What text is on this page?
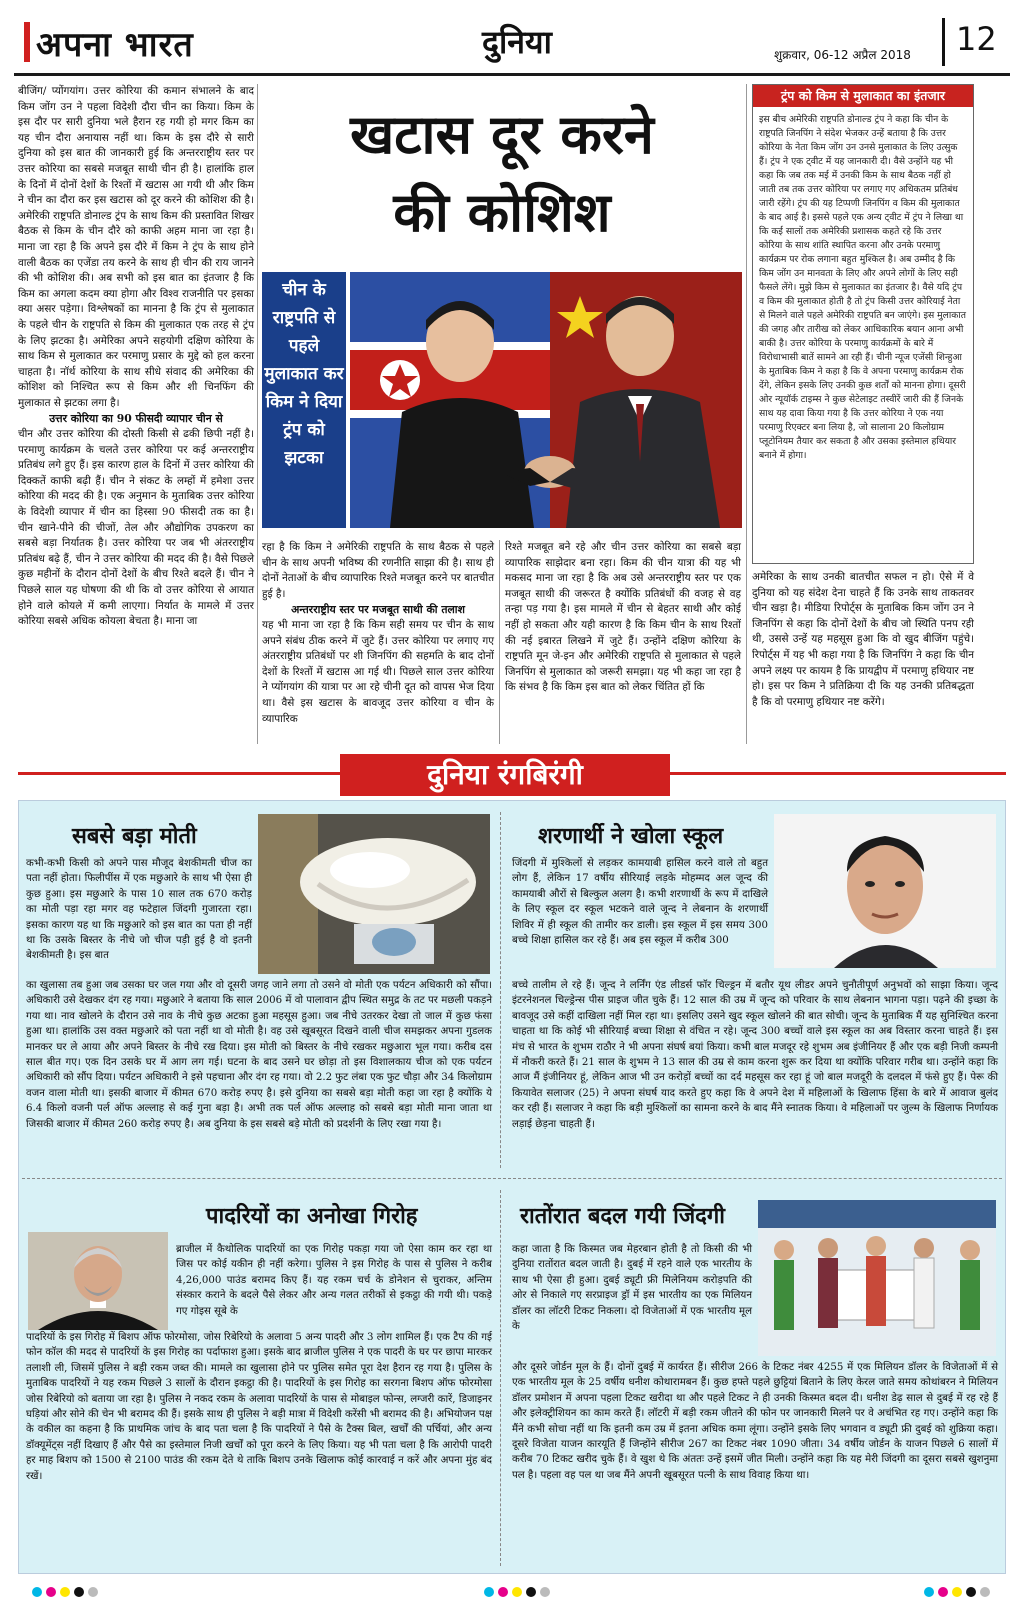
अपना भारत	दुनिया	शुक्रवार, 06-12 अप्रैल 2018 12

बीजिंग/ प्योंगयांग। उत्तर कोरिया की कमान संभालने के बाद किम जोंग उन ने पहला विदेशी दौरा चीन का किया। किम के इस दौर पर सारी दुनिया भले हैरान रह गयी हो मगर किम का यह चीन दौरा अनायास नहीं था। किम के इस दौरे से सारी दुनिया को इस बात की जानकारी हुई कि अन्तरराष्ट्रीय स्तर पर उत्तर कोरिया का सबसे मजबूत साथी चीन ही है। हालांकि हाल के दिनों में दोनों देशों के रिश्तों में खटास आ गयी थी और किम ने चीन का दौरा कर इस खटास को दूर करने की कोशिश की है। अमेरिकी राष्ट्रपति डोनाल्ड ट्रंप के साथ किम की प्रस्तावित शिखर बैठक से किम के चीन दौरे को काफी अहम माना जा रहा है। माना जा रहा है कि अपने इस दौरे में किम ने ट्रंप के साथ होने वाली बैठक का एजेंडा तय करने के साथ ही चीन की राय जानने की भी कोशिश की। अब सभी को इस बात का इंतजार है कि किम का अगला कदम क्या होगा और विश्व राजनीति पर इसका क्या असर पड़ेगा। विश्लेषकों का मानना है कि ट्रंप से मुलाकात के पहले चीन के राष्ट्रपति से किम की मुलाकात एक तरह से ट्रंप के लिए झटका है। अमेरिका अपने सहयोगी दक्षिण कोरिया के साथ किम से मुलाकात कर परमाणु प्रसार के मुद्दे को हल करना चाहता है। नॉर्थ कोरिया के साथ सीधे संवाद की अमेरिका की कोशिश को निश्चित रूप से किम और शी चिनफिंग की मुलाकात से झटका लगा है।

उत्तर कोरिया का 90 फीसदी व्यापार चीन से

चीन और उत्तर कोरिया की दोस्ती किसी से ढकी छिपी नहीं है। परमाणु कार्यक्रम के चलते उत्तर कोरिया पर कई अन्तरराष्ट्रीय प्रतिबंध लगे हुए हैं। इस कारण हाल के दिनों में उत्तर कोरिया की दिक्कतें काफी बढ़ी हैं। चीन ने संकट के लम्हों में हमेशा उत्तर कोरिया की मदद की है। एक अनुमान के मुताबिक उत्तर कोरिया के विदेशी व्यापार में चीन का हिस्सा 90 फीसदी तक का है। चीन खाने-पीने की चीजों, तेल और औद्योगिक उपकरण का सबसे बड़ा निर्यातक है। उत्तर कोरिया पर जब भी अंतरराष्ट्रीय प्रतिबंध बढ़े हैं, चीन ने उत्तर कोरिया की मदद की है। वैसे पिछले कुछ महीनों के दौरान दोनों देशों के बीच रिश्ते बदले हैं। चीन ने पिछले साल यह घोषणा की थी कि वो उत्तर कोरिया से आयात होने वाले कोयले में कमी लाएगा। निर्यात के मामले में उत्तर कोरिया सबसे अधिक कोयला बेचता है। माना जा

खटास दूर करने
की कोशिश
चीन के राष्ट्रपति से पहले मुलाकात कर किम ने दिया ट्रंप को झटका

रहा है कि किम ने अमेरिकी राष्ट्रपति के साथ बैठक से पहले चीन के साथ अपनी भविष्य की रणनीति साझा की है। साथ ही दोनों नेताओं के बीच व्यापारिक रिश्ते मजबूत करने पर बातचीत हुई है।

अन्तरराष्ट्रीय स्तर पर मजबूत साथी की तलाश

यह भी माना जा रहा है कि किम सही समय पर चीन के साथ अपने संबंध ठीक करने में जुटे हैं। उत्तर कोरिया पर लगाए गए अंतरराष्ट्रीय प्रतिबंधों पर शी जिनपिंग की सहमति के बाद दोनों देशों के रिश्तों में खटास आ गई थी। पिछले साल उत्तर कोरिया ने प्योंगयांग की यात्रा पर आ रहे चीनी दूत को वापस भेज दिया था। वैसे इस खटास के बावजूद उत्तर कोरिया व चीन के व्यापारिक

रिश्ते मजबूत बने रहे और चीन उत्तर कोरिया का सबसे बड़ा व्यापारिक साझेदार बना रहा। किम की चीन यात्रा की यह भी मकसद माना जा रहा है कि अब उसे अन्तरराष्ट्रीय स्तर पर एक मजबूत साथी की जरूरत है क्योंकि प्रतिबंधों की वजह से वह तन्हा पड़ गया है। इस मामले में चीन से बेहतर साथी और कोई नहीं हो सकता और यही कारण है कि किम चीन के साथ रिश्तों की नई इबारत लिखने में जुटे हैं। उन्होंने दक्षिण कोरिया के राष्ट्रपति मून जे-इन और अमेरिकी राष्ट्रपति से मुलाकात से पहले जिनपिंग से मुलाकात को जरूरी समझा। यह भी कहा जा रहा है कि संभव है कि किम इस बात को लेकर चिंतित हों कि

ट्रंप को किम से मुलाकात का इंतजार
इस बीच अमेरिकी राष्ट्रपति डोनाल्ड ट्रंप ने कहा कि चीन के राष्ट्रपति जिनपिंग ने संदेश भेजकर उन्हें बताया है कि उत्तर कोरिया के नेता किम जोंग उन उनसे मुलाकात के लिए उत्सुक हैं। ट्रंप ने एक ट्वीट में यह जानकारी दी। वैसे उन्होंने यह भी कहा कि जब तक मई में उनकी किम के साथ बैठक नहीं हो जाती तब तक उत्तर कोरिया पर लगाए गए अधिकतम प्रतिबंध जारी रहेंगे। ट्रंप की यह टिप्पणी जिनपिंग व किम की मुलाकात के बाद आई है। इससे पहले एक अन्य ट्वीट में ट्रंप ने लिखा था कि कई सालों तक अमेरिकी प्रशासक कहते रहे कि उत्तर कोरिया के साथ शांति स्थापित करना और उनके परमाणु कार्यक्रम पर रोक लगाना बहुत मुश्किल है। अब उम्मीद है कि किम जोंग उन मानवता के लिए और अपने लोगों के लिए सही फैसले लेंगे। मुझे किम से मुलाकात का इंतजार है। वैसे यदि ट्रंप व किम की मुलाकात होती है तो ट्रंप किसी उत्तर कोरियाई नेता से मिलने वाले पहले अमेरिकी राष्ट्रपति बन जाएंगे। इस मुलाकात की जगह और तारीख को लेकर आधिकारिक बयान आना अभी बाकी है। उत्तर कोरिया के परमाणु कार्यक्रमों के बारे में विरोधाभासी बातें सामने आ रही हैं। चीनी न्यूज एजेंसी शिन्हुआ के मुताबिक किम ने कहा है कि वे अपना परमाणु कार्यक्रम रोक देंगे, लेकिन इसके लिए उनकी कुछ शर्तों को मानना होगा। दूसरी ओर न्यूयॉर्क टाइम्स ने कुछ सेटेलाइट तस्वीरें जारी की हैं जिनके साथ यह दावा किया गया है कि उत्तर कोरिया ने एक नया परमाणु रिएक्टर बना लिया है, जो सालाना 20 किलोग्राम प्लूटोनियम तैयार कर सकता है और उसका इस्तेमाल हथियार बनाने में होगा।

अमेरिका के साथ उनकी बातचीत सफल न हो। ऐसे में वे दुनिया को यह संदेश देना चाहते हैं कि उनके साथ ताकतवर चीन खड़ा है। मीडिया रिपोर्ट्स के मुताबिक किम जोंग उन ने जिनपिंग से कहा कि दोनों देशों के बीच जो स्थिति पनप रही थी, उससे उन्हें यह महसूस हुआ कि वो खुद बीजिंग पहुंचे। रिपोर्ट्स में यह भी कहा गया है कि जिनपिंग ने कहा कि चीन अपने लक्ष्य पर कायम है कि प्रायद्वीप में परमाणु हथियार नष्ट हो। इस पर किम ने प्रतिक्रिया दी कि यह उनकी प्रतिबद्धता है कि वो परमाणु हथियार नष्ट करेंगे।

दुनिया रंगबिरंगी
सबसे बड़ा मोती

कभी-कभी किसी को अपने पास मौजूद बेशकीमती चीज का पता नहीं होता। फिलीपींस में एक मछुआरे के साथ भी ऐसा ही कुछ हुआ। इस मछुआरे के पास 10 साल तक 670 करोड़ का मोती पड़ा रहा मगर वह फटेहाल जिंदगी गुजारता रहा। इसका कारण यह था कि मछुआरे को इस बात का पता ही नहीं था कि उसके बिस्तर के नीचे जो चीज पड़ी हुई है वो इतनी बेशकीमती है। इस बात

का खुलासा तब हुआ जब उसका घर जल गया और वो दूसरी जगह जाने लगा तो उसने वो मोती एक पर्यटन अधिकारी को सौंपा। अधिकारी उसे देखकर दंग रह गया। मछुआरे ने बताया कि साल 2006 में वो पालावान द्वीप स्थित समुद्र के तट पर मछली पकड़ने गया था। नाव खोलने के दौरान उसे नाव के नीचे कुछ अटका हुआ महसूस हुआ। जब नीचे उतरकर देखा तो जाल में कुछ फंसा हुआ था। हालांकि उस वक्त मछुआरे को पता नहीं था वो मोती है। वह उसे खूबसूरत दिखने वाली चीज समझकर अपना गुडलक मानकर घर ले आया और अपने बिस्तर के नीचे रख दिया। इस मोती को बिस्तर के नीचे रखकर मछुआरा भूल गया। करीब दस साल बीत गए। एक दिन उसके घर में आग लग गई। घटना के बाद उसने घर छोड़ा तो इस विशालकाय चीज को एक पर्यटन अधिकारी को सौंप दिया। पर्यटन अधिकारी ने इसे पहचाना और दंग रह गया। वो 2.2 फुट लंबा एक फुट चौड़ा और 34 किलोग्राम वजन वाला मोती था। इसकी बाजार में कीमत 670 करोड़ रुपए है। इसे दुनिया का सबसे बड़ा मोती कहा जा रहा है क्योंकि ये 6.4 किलो वजनी पर्ल ऑफ अल्लाह से कई गुना बड़ा है। अभी तक पर्ल ऑफ अल्लाह को सबसे बड़ा मोती माना जाता था जिसकी बाजार में कीमत 260 करोड़ रुपए है। अब दुनिया के इस सबसे बड़े मोती को प्रदर्शनी के लिए रखा गया है।

शरणार्थी ने खोला स्कूल

जिंदगी में मुश्किलों से लड़कर कामयाबी हासिल करने वाले तो बहुत लोग हैं, लेकिन 17 वर्षीय सीरियाई लड़के मोहम्मद अल जून्द की कामयाबी औरों से बिल्कुल अलग है। कभी शरणार्थी के रूप में दाखिले के लिए स्कूल दर स्कूल भटकने वाले जून्द ने लेबनान के शरणार्थी शिविर में ही स्कूल की तामीर कर डाली। इस स्कूल में इस समय 300 बच्चे शिक्षा हासिल कर रहे हैं। अब इस स्कूल में करीब 300

बच्चे तालीम ले रहे हैं। जून्द ने लर्निंग एंड लीडर्स फॉर चिल्ड्रन में बतौर यूथ लीडर अपने चुनौतीपूर्ण अनुभवों को साझा किया। जून्द इंटरनेशनल चिल्ड्रेन्स पीस प्राइज जीत चुके हैं। 12 साल की उम्र में जून्द को परिवार के साथ लेबनान भागना पड़ा। पढ़ने की इच्छा के बावजूद उसे कहीं दाखिला नहीं मिल रहा था। इसलिए उसने खुद स्कूल खोलने की बात सोची। जून्द के मुताबिक मैं यह सुनिश्चित करना चाहता था कि कोई भी सीरियाई बच्चा शिक्षा से वंचित न रहे। जून्द 300 बच्चों वाले इस स्कूल का अब विस्तार करना चाहते हैं। इस मंच से भारत के शुभम राठौर ने भी अपना संघर्ष बयां किया। कभी बाल मजदूर रहे शुभम अब इंजीनियर हैं और एक बड़ी निजी कम्पनी में नौकरी करते हैं। 21 साल के शुभम ने 13 साल की उम्र से काम करना शुरू कर दिया था क्योंकि परिवार गरीब था। उन्होंने कहा कि आज मैं इंजीनियर हूं, लेकिन आज भी उन करोड़ों बच्चों का दर्द महसूस कर रहा हूं जो बाल मजदूरी के दलदल में फंसे हुए हैं। पेरू की कियावेत सलाजर (25) ने अपना संघर्ष याद करते हुए कहा कि वे अपने देश में महिलाओं के खिलाफ हिंसा के बारे में आवाज बुलंद कर रही हैं। सलाजर ने कहा कि बड़ी मुश्किलों का सामना करने के बाद मैंने स्नातक किया। वे महिलाओं पर जुल्म के खिलाफ निर्णायक लड़ाई छेड़ना चाहती हैं।

पादरियों का अनोखा गिरोह

ब्राजील में कैथोलिक पादरियों का एक गिरोह पकड़ा गया जो ऐसा काम कर रहा था जिस पर कोई यकीन ही नहीं करेगा। पुलिस ने इस गिरोह के पास से पुलिस ने करीब 4,26,000 पाउंड बरामद किए हैं। यह रकम चर्च के डोनेशन से चुराकर, अन्तिम संस्कार कराने के बदले पैसे लेकर और अन्य गलत तरीकों से इकट्ठा की गयी थी। पकड़े गए गोइस सूबे के

पादरियों के इस गिरोह में बिशप ऑफ फोरमोसा, जोस रिबेरियो के अलावा 5 अन्य पादरी और 3 लोग शामिल हैं। एक टैप की गई फोन कॉल की मदद से पादरियों के इस गिरोह का पर्दाफाश हुआ। इसके बाद ब्राजील पुलिस ने एक पादरी के घर पर छापा मारकर तलाशी ली, जिसमें पुलिस ने बड़ी रकम जब्त की। मामले का खुलासा होने पर पुलिस समेत पूरा देश हैरान रह गया है। पुलिस के मुताबिक पादरियों ने यह रकम पिछले 3 सालों के दौरान इकट्ठा की है। पादरियों के इस गिरोह का सरगना बिशप ऑफ फोरमोसा जोस रिबेरियो को बताया जा रहा है। पुलिस ने नकद रकम के अलावा पादरियों के पास से मोबाइल फोन्स, लग्जरी कारें, डिजाइनर घड़ियां और सोने की चेन भी बरामद की हैं। इसके साथ ही पुलिस ने बड़ी मात्रा में विदेशी करेंसी भी बरामद की है। अभियोजन पक्ष के वकील का कहना है कि प्राथमिक जांच के बाद पता चला है कि पादरियों ने पैसे के टैक्स बिल, खर्चों की पर्चियां, और अन्य डॉक्यूमेंट्स नहीं दिखाए हैं और पैसे का इस्तेमाल निजी खर्चों को पूरा करने के लिए किया। यह भी पता चला है कि आरोपी पादरी हर माह बिशप को 1500 से 2100 पाउंड की रकम देते थे ताकि बिशप उनके खिलाफ कोई कारवाई न करें और अपना मुंह बंद रखें।

रातोंरात बदल गयी जिंदगी

कहा जाता है कि किस्मत जब मेहरबान होती है तो किसी की भी दुनिया रातोंरात बदल जाती है। दुबई में रहने वाले एक भारतीय के साथ भी ऐसा ही हुआ। दुबई ड्यूटी फ्री मिलेनियम करोड़पति की ओर से निकाले गए सरप्राइज ड्रॉ में इस भारतीय का एक मिलियन डॉलर का लॉटरी टिकट निकला। दो विजेताओं में एक भारतीय मूल के

और दूसरे जोर्डन मूल के हैं। दोनों दुबई में कार्यरत हैं। सीरीज 266 के टिकट नंबर 4255 में एक मिलियन डॉलर के विजेताओं में से एक भारतीय मूल के 25 वर्षीय धनीश कोथारामबन हैं। कुछ हफ्ते पहले छुट्टियां बिताने के लिए केरल जाते समय कोथांबरन ने मिलियन डॉलर प्रमोशन में अपना पहला टिकट खरीदा था और पहले टिकट ने ही उनकी किस्मत बदल दी। धनीश डेढ़ साल से दुबई में रह रहे हैं और इलेक्ट्रीशियन का काम करते हैं। लॉटरी में बड़ी रकम जीतने की फोन पर जानकारी मिलने पर वे अचंभित रह गए। उन्होंने कहा कि मैंने कभी सोचा नहीं था कि इतनी कम उम्र में इतना अधिक कमा लूंगा। उन्होंने इसके लिए भगवान व ड्यूटी फ्री दुबई को शुक्रिया कहा। दूसरे विजेता याजन कारयूति हैं जिन्होंने सीरीज 267 का टिकट नंबर 1090 जीता। 34 वर्षीय जोर्डन के याजन पिछले 6 सालों में करीब 70 टिकट खरीद चुके हैं। वे खुश थे कि अंततः उन्हें इसमें जीत मिली। उन्होंने कहा कि यह मेरी जिंदगी का दूसरा सबसे खुशनुमा पल है। पहला वह पल था जब मैंने अपनी खूबसूरत पत्नी के साथ विवाह किया था।
